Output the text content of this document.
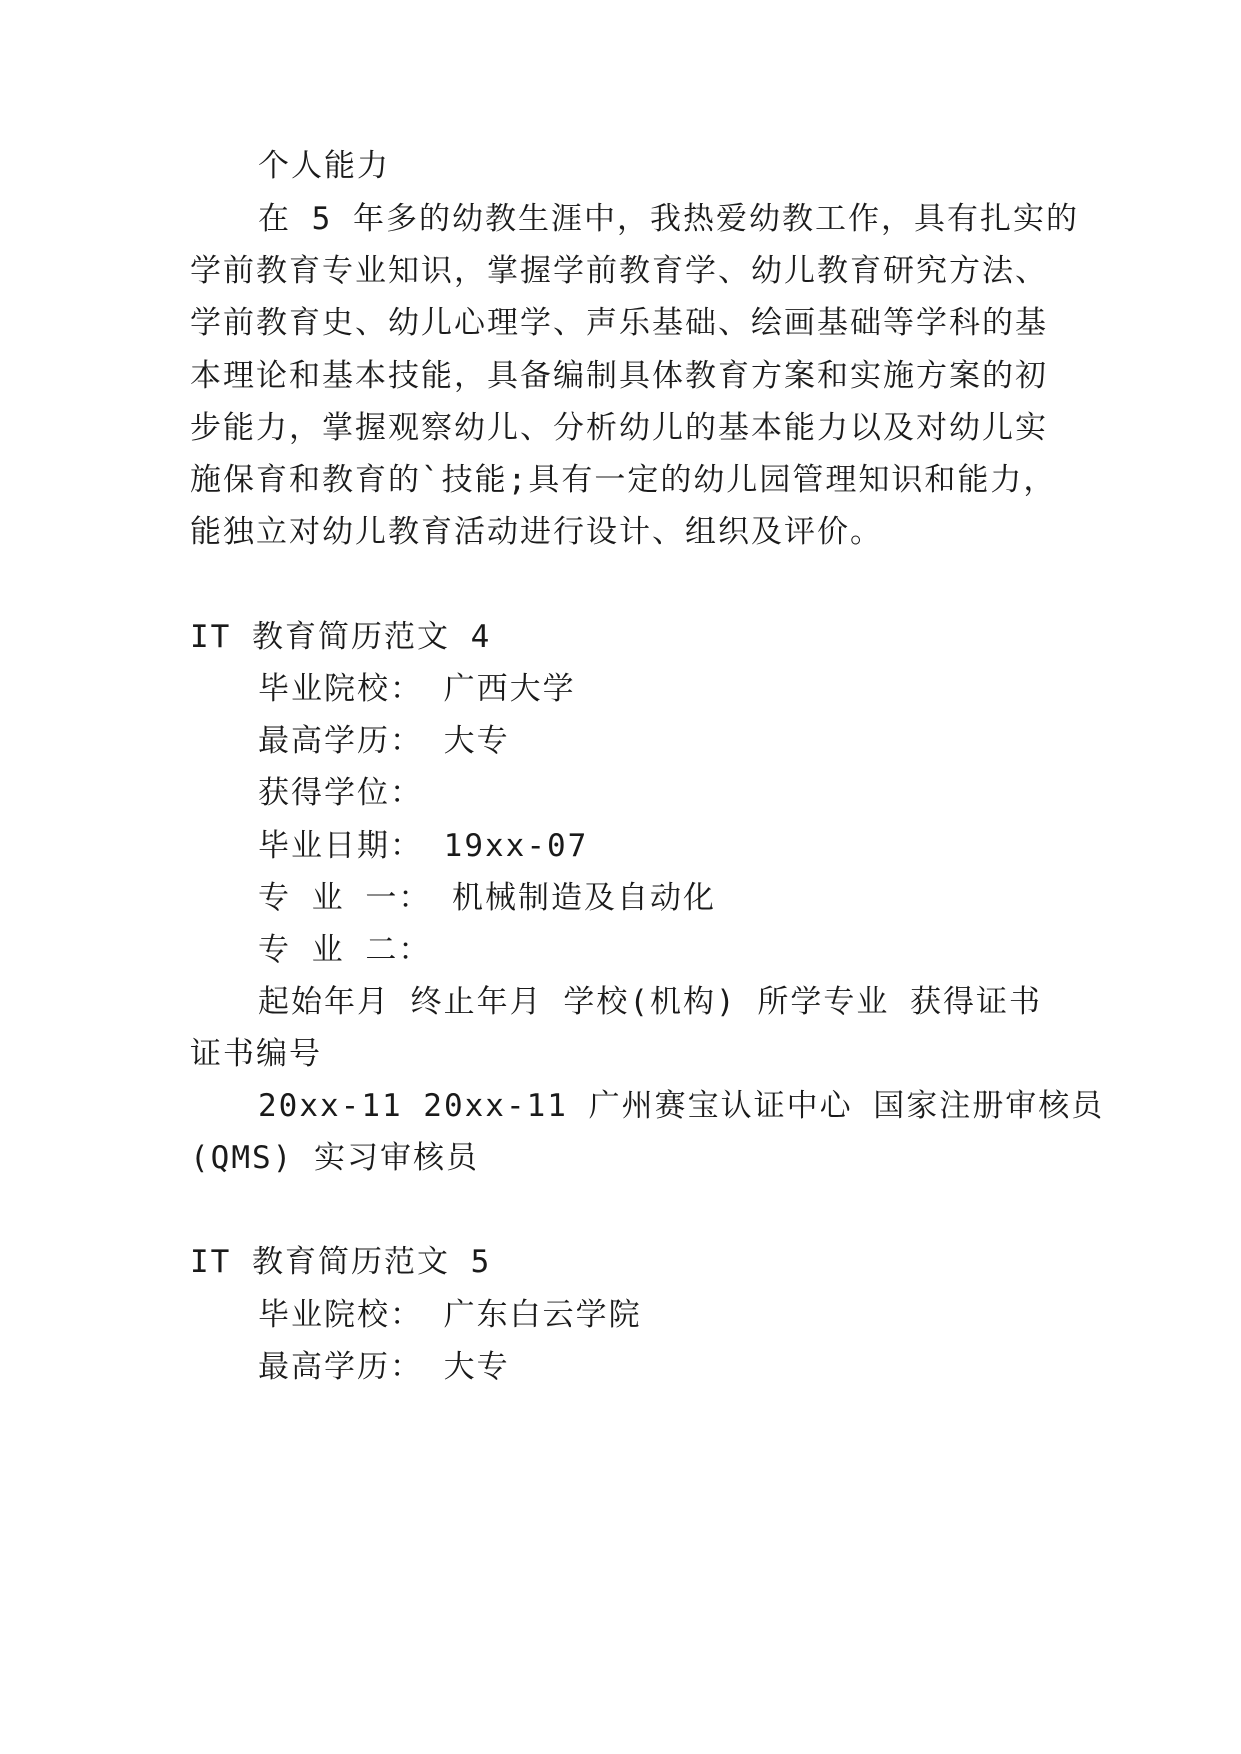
个人能力
在 5 年多的幼教生涯中，我热爱幼教工作，具有扎实的
学前教育专业知识，掌握学前教育学、幼儿教育研究方法、
学前教育史、幼儿心理学、声乐基础、绘画基础等学科的基
本理论和基本技能，具备编制具体教育方案和实施方案的初
步能力，掌握观察幼儿、分析幼儿的基本能力以及对幼儿实
施保育和教育的`技能;具有一定的幼儿园管理知识和能力，
能独立对幼儿教育活动进行设计、组织及评价。
IT 教育简历范文 4
毕业院校： 广西大学
最高学历： 大专
获得学位：
毕业日期： 19xx-07
专 业 一： 机械制造及自动化
专 业 二：
起始年月 终止年月 学校(机构) 所学专业 获得证书
证书编号
20xx-11 20xx-11 广州赛宝认证中心 国家注册审核员
(QMS) 实习审核员
IT 教育简历范文 5
毕业院校： 广东白云学院
最高学历： 大专
